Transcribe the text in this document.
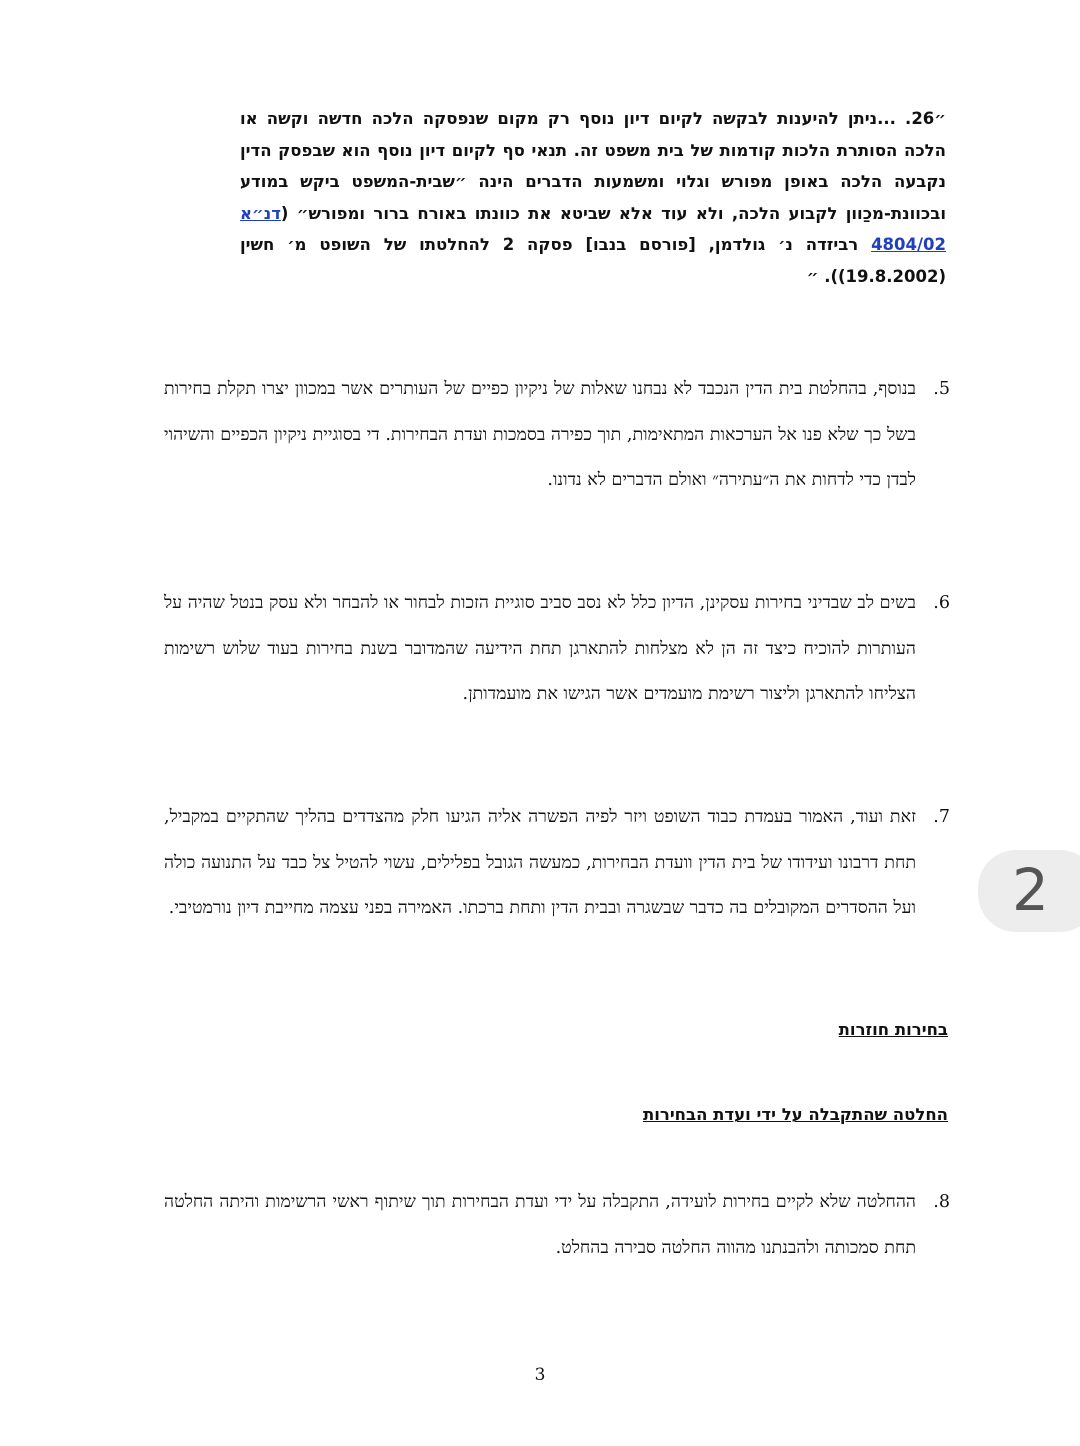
״26. ...ניתן להיענות לבקשה לקיום דיון נוסף רק מקום שנפסקה הלכה חדשה וקשה או הלכה הסותרת הלכות קודמות של בית משפט זה. תנאי סף לקיום דיון נוסף הוא שבפסק הדין נקבעה הלכה באופן מפורש וגלוי ומשמעות הדברים הינה ״שבית-המשפט ביקש במודע ובכוונת-מכַוון לקבוע הלכה, ולא עוד אלא שביטא את כוונתו באורח ברור ומפורש״ (דנ״א 4804/02 רביזדה נ׳ גולדמן, [פורסם בנבו] פסקה 2 להחלטתו של השופט מ׳ חשין (19.8.2002)). ״
5.
בנוסף, בהחלטת בית הדין הנכבד לא נבחנו שאלות של ניקיון כפיים של העותרים אשר במכוון יצרו תקלת בחירות בשל כך שלא פנו אל הערכאות המתאימות, תוך כפירה בסמכות ועדת הבחירות. די בסוגיית ניקיון הכפיים והשיהוי לבדן כדי לדחות את ה״עתירה״ ואולם הדברים לא נדונו.
6.
בשים לב שבדיני בחירות עסקינן, הדיון כלל לא נסב סביב סוגיית הזכות לבחור או להבחר ולא עסק בנטל שהיה על העותרות להוכיח כיצד זה הן לא מצלחות להתארגן תחת הידיעה שהמדובר בשנת בחירות בעוד שלוש רשימות הצליחו להתארגן וליצור רשימת מועמדים אשר הגישו את מועמדותן.
7.
זאת ועוד, האמור בעמדת כבוד השופט ויזר לפיה הפשרה אליה הגיעו חלק מהצדדים בהליך שהתקיים במקביל, תחת דרבונו ועידודו של בית הדין וועדת הבחירות, כמעשה הגובל בפלילים, עשוי להטיל צל כבד על התנועה כולה ועל ההסדרים המקובלים בה כדבר שבשגרה ובבית הדין ותחת ברכתו. האמירה בפני עצמה מחייבת דיון נורמטיבי.
בחירות חוזרות
החלטה שהתקבלה על ידי ועדת הבחירות
8.
ההחלטה שלא לקיים בחירות לועידה, התקבלה על ידי ועדת הבחירות תוך שיתוף ראשי הרשימות והיתה החלטה תחת סמכותה ולהבנתנו מהווה החלטה סבירה בהחלט.
2
3
